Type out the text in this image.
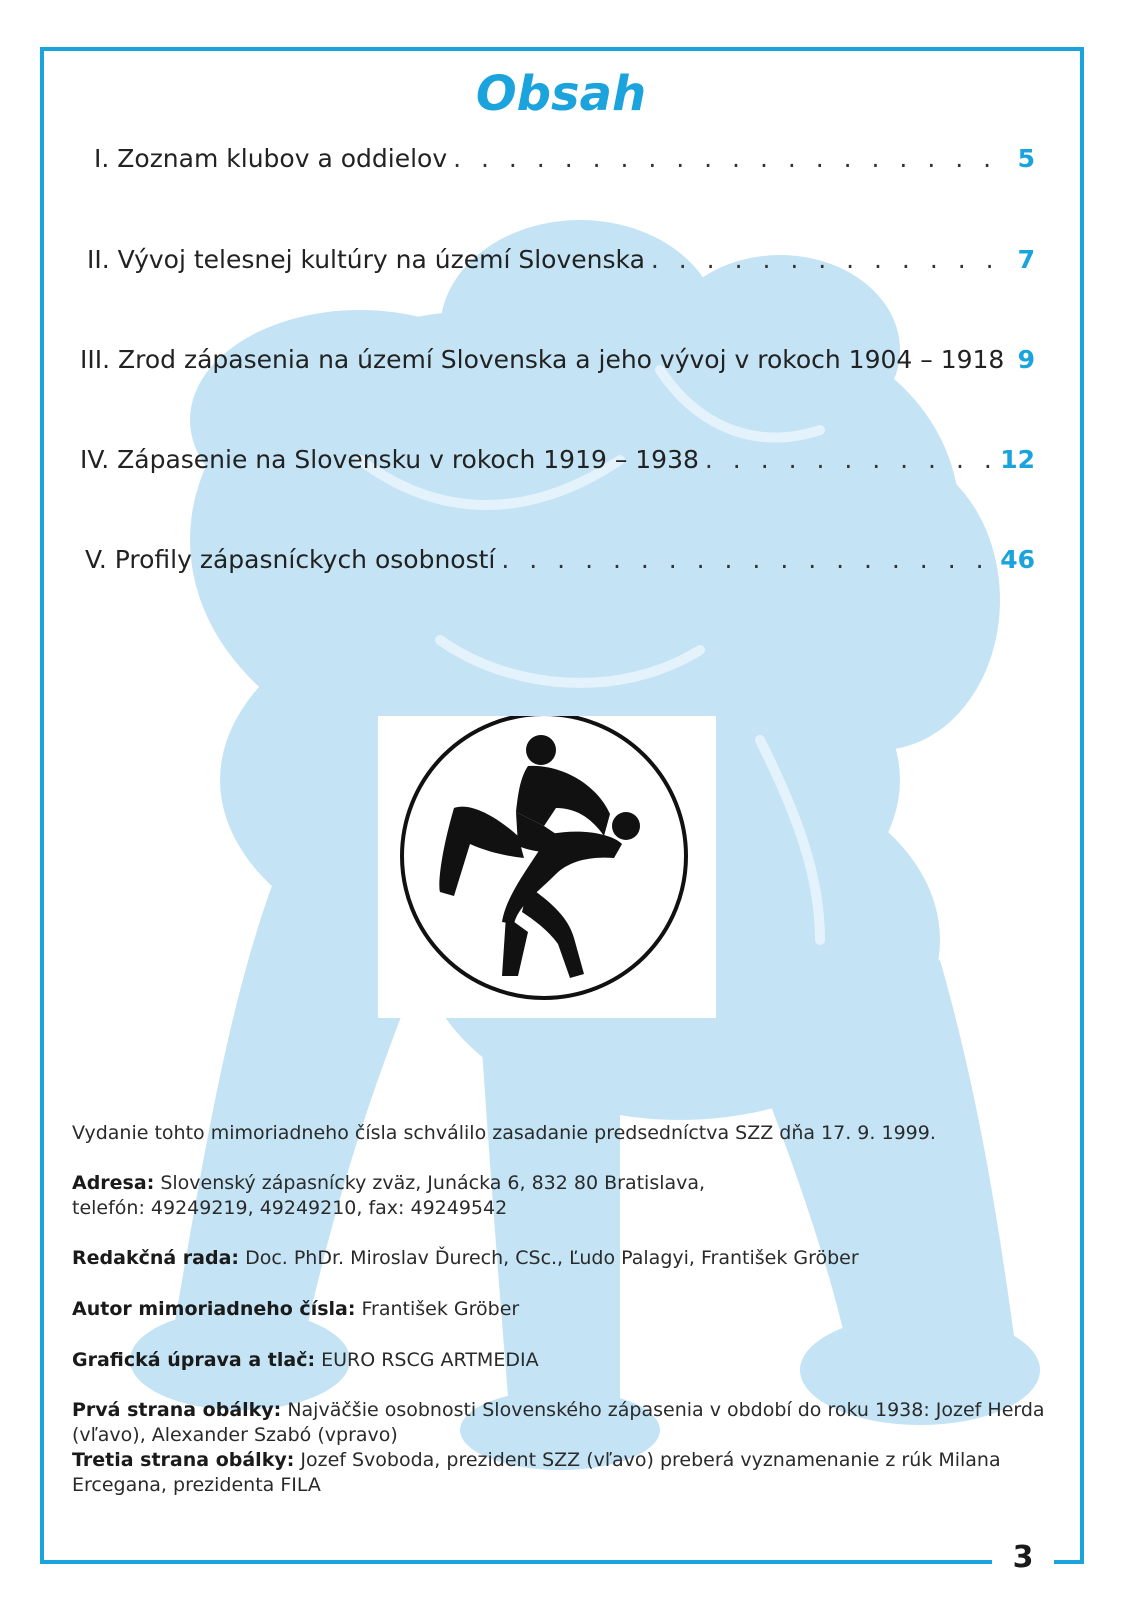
Obsah
I. Zoznam klubov a oddielov . . .	5
II. Vývoj telesnej kultúry na území Slovenska . . .	7
III. Zrod zápasenia na území Slovenska a jeho vývoj v rokoch 1904 – 1918 . . . 9
IV. Zápasenie na Slovensku v rokoch 1919 – 1938 . . .	12
V. Profily zápasníckych osobností . . .	46
Vydanie tohto mimoriadneho čísla schválilo zasadanie predsedníctva SZZ dňa 17. 9. 1999.
Adresa: Slovenský zápasnícky zväz, Junácka 6, 832 80 Bratislava,
telefón: 49249219, 49249210, fax: 49249542
Redakčná rada: Doc. PhDr. Miroslav Ďurech, CSc., Ľudo Palagyi, František Gröber
Autor mimoriadneho čísla: František Gröber
Grafická úprava a tlač: EURO RSCG ARTMEDIA
Prvá strana obálky: Najväčšie osobnosti Slovenského zápasenia v období do roku 1938: Jozef Herda (vľavo), Alexander Szabó (vpravo)
Tretia strana obálky: Jozef Svoboda, prezident SZZ (vľavo) preberá vyznamenanie z rúk Milana Ercegana, prezidenta FILA
3
